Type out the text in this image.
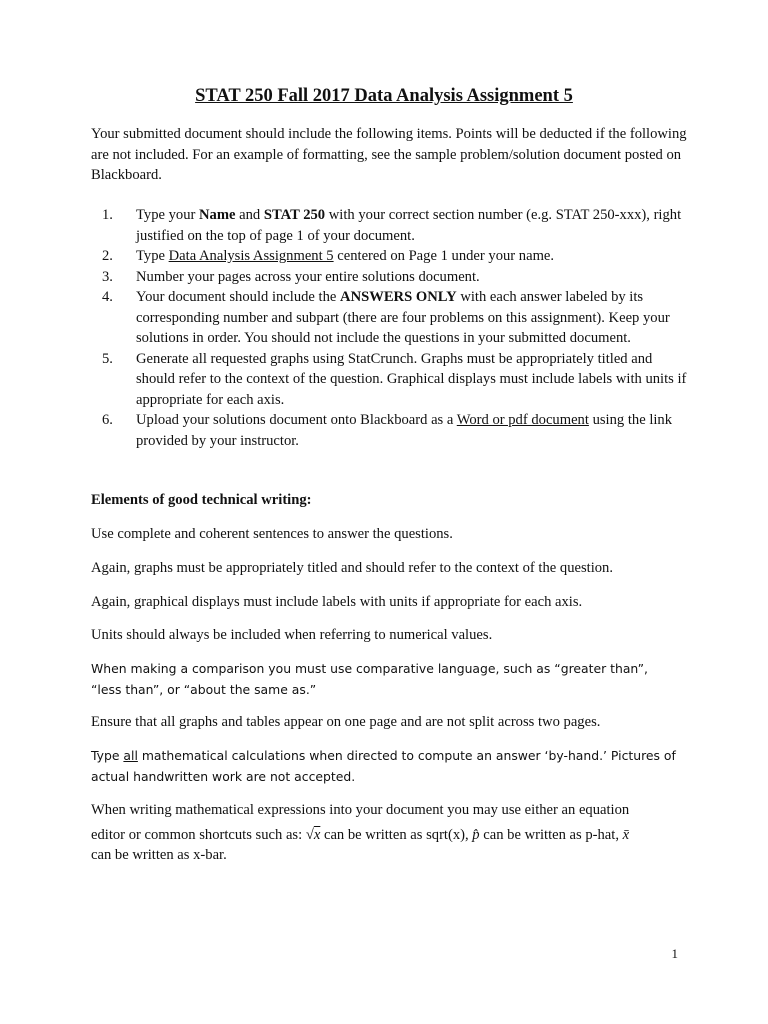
STAT 250 Fall 2017 Data Analysis Assignment 5
Your submitted document should include the following items. Points will be deducted if the following are not included. For an example of formatting, see the sample problem/solution document posted on Blackboard.
1. Type your Name and STAT 250 with your correct section number (e.g. STAT 250-xxx), right justified on the top of page 1 of your document.
2. Type Data Analysis Assignment 5 centered on Page 1 under your name.
3. Number your pages across your entire solutions document.
4. Your document should include the ANSWERS ONLY with each answer labeled by its corresponding number and subpart (there are four problems on this assignment). Keep your solutions in order. You should not include the questions in your submitted document.
5. Generate all requested graphs using StatCrunch. Graphs must be appropriately titled and should refer to the context of the question. Graphical displays must include labels with units if appropriate for each axis.
6. Upload your solutions document onto Blackboard as a Word or pdf document using the link provided by your instructor.
Elements of good technical writing:
Use complete and coherent sentences to answer the questions.
Again, graphs must be appropriately titled and should refer to the context of the question.
Again, graphical displays must include labels with units if appropriate for each axis.
Units should always be included when referring to numerical values.
When making a comparison you must use comparative language, such as “greater than”, “less than”, or “about the same as.”
Ensure that all graphs and tables appear on one page and are not split across two pages.
Type all mathematical calculations when directed to compute an answer ‘by-hand.’ Pictures of actual handwritten work are not accepted.
When writing mathematical expressions into your document you may use either an equation
editor or common shortcuts such as: √x can be written as sqrt(x), p̂ can be written as p-hat, x̄
can be written as x-bar.
1
